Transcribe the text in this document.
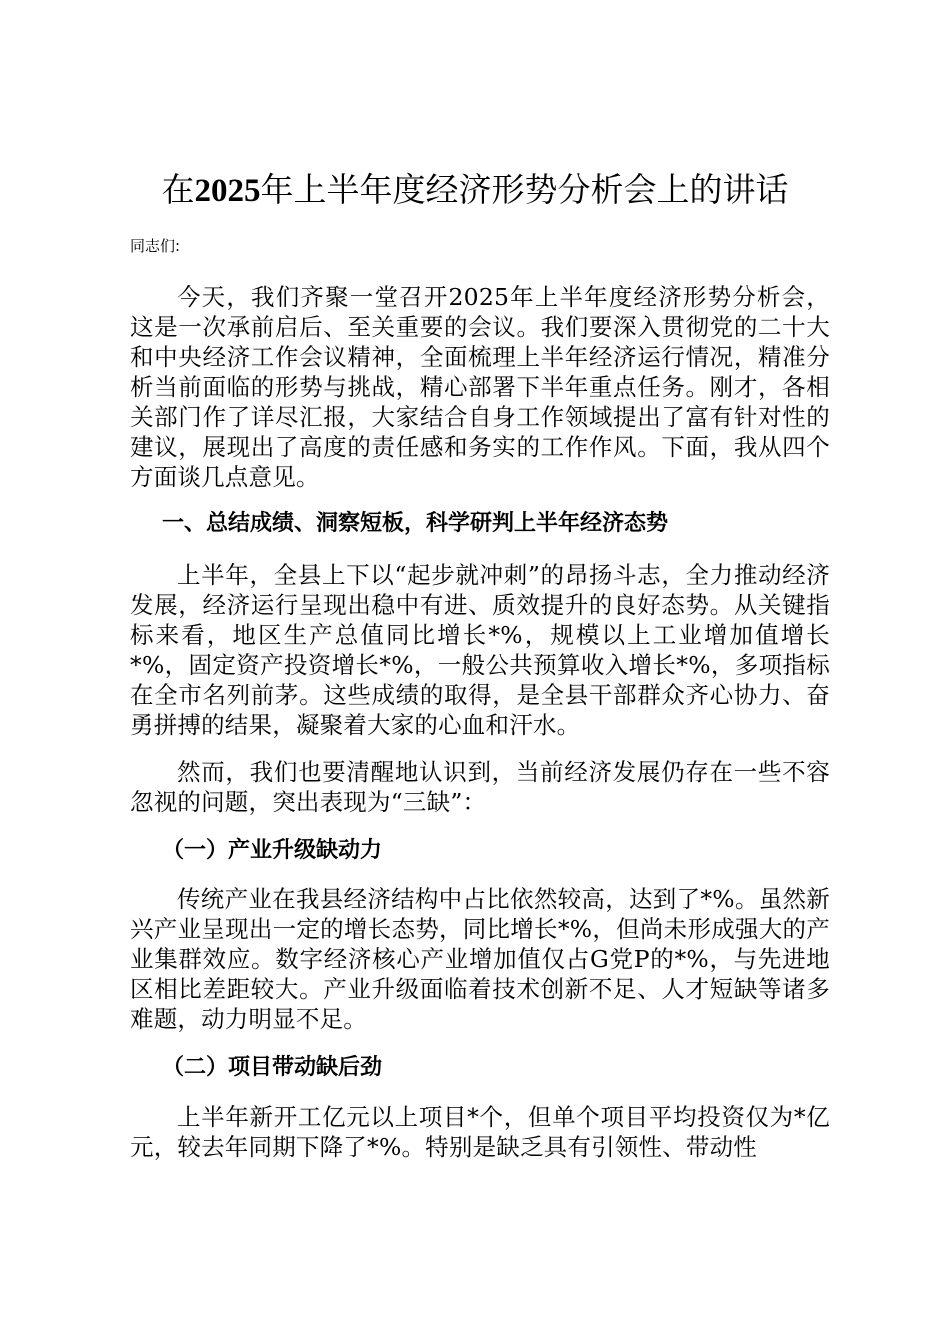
在2025年上半年度经济形势分析会上的讲话
同志们:
今天，我们齐聚一堂召开2025年上半年度经济形势分析会，这是一次承前启后、至关重要的会议。我们要深入贯彻党的二十大和中央经济工作会议精神，全面梳理上半年经济运行情况，精准分析当前面临的形势与挑战，精心部署下半年重点任务。刚才，各相关部门作了详尽汇报，大家结合自身工作领域提出了富有针对性的建议，展现出了高度的责任感和务实的工作作风。下面，我从四个方面谈几点意见。
一、总结成绩、洞察短板，科学研判上半年经济态势
上半年，全县上下以“起步就冲刺”的昂扬斗志，全力推动经济发展，经济运行呈现出稳中有进、质效提升的良好态势。从关键指标来看，地区生产总值同比增长*%，规模以上工业增加值增长*%，固定资产投资增长*%，一般公共预算收入增长*%，多项指标在全市名列前茅。这些成绩的取得，是全县干部群众齐心协力、奋勇拼搏的结果，凝聚着大家的心血和汗水。
然而，我们也要清醒地认识到，当前经济发展仍存在一些不容忽视的问题，突出表现为“三缺”：
（一）产业升级缺动力
传统产业在我县经济结构中占比依然较高，达到了*%。虽然新兴产业呈现出一定的增长态势，同比增长*%，但尚未形成强大的产业集群效应。数字经济核心产业增加值仅占G党P的*%，与先进地区相比差距较大。产业升级面临着技术创新不足、人才短缺等诸多难题，动力明显不足。
（二）项目带动缺后劲
上半年新开工亿元以上项目*个，但单个项目平均投资仅为*亿元，较去年同期下降了*%。特别是缺乏具有引领性、带动性
